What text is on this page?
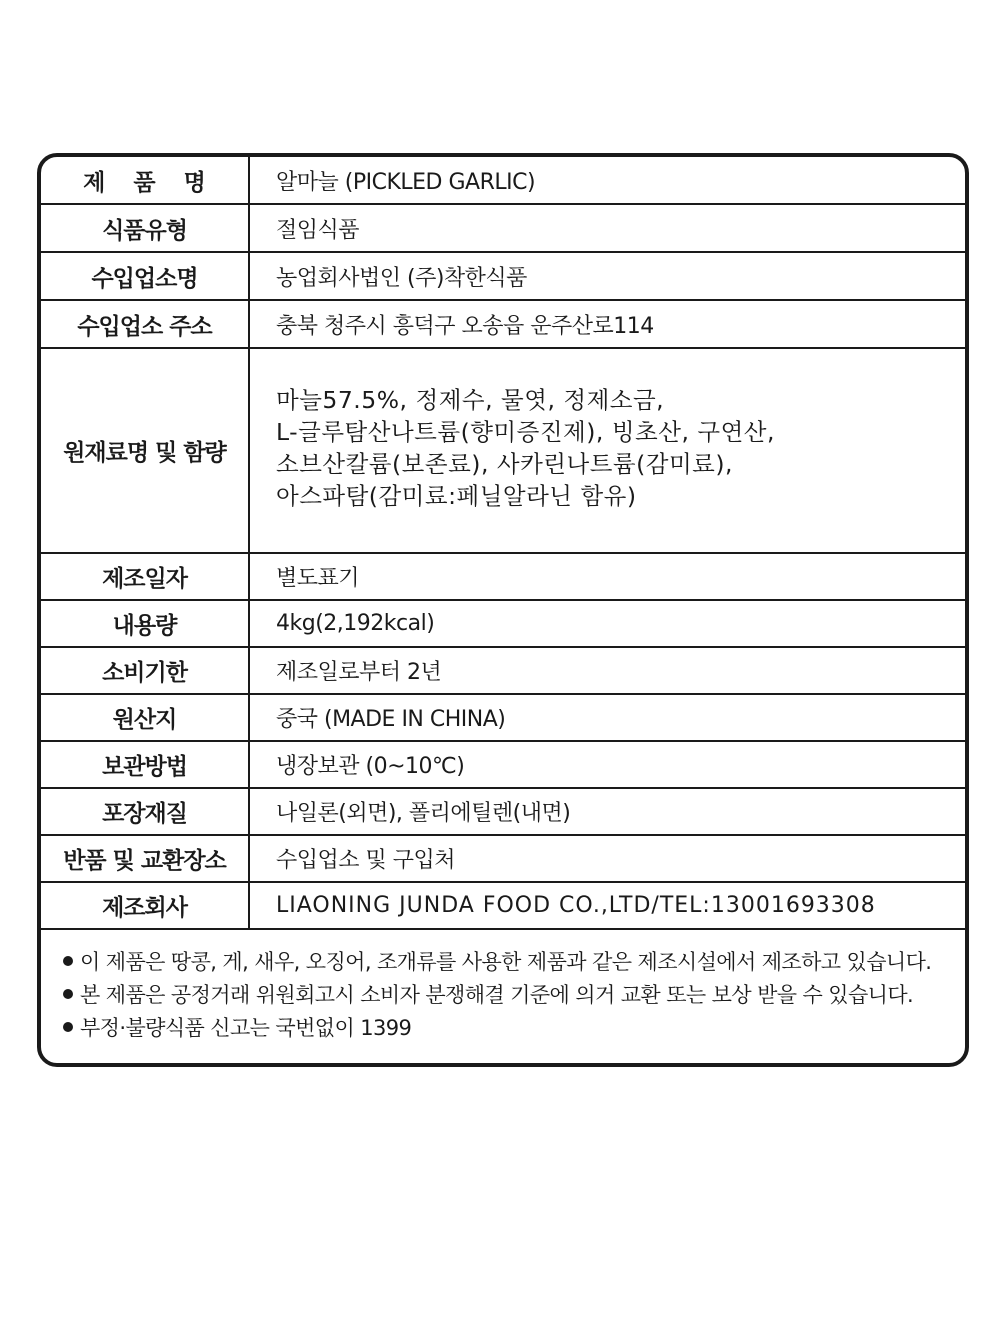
제 품 명	알마늘 (PICKLED GARLIC)
식품유형	절임식품
수입업소명	농업회사법인 (주)착한식품
수입업소 주소	충북 청주시 흥덕구 오송읍 운주산로114
원재료명 및 함량	마늘57.5%, 정제수, 물엿, 정제소금,
L-글루탐산나트륨(향미증진제), 빙초산, 구연산,
소브산칼륨(보존료), 사카린나트륨(감미료),
아스파탐(감미료:페닐알라닌 함유)

제조일자	별도표기
내용량	4kg(2,192kcal)
소비기한	제조일로부터 2년
원산지	중국 (MADE IN CHINA)
보관방법	냉장보관 (0~10℃)
포장재질	나일론(외면), 폴리에틸렌(내면)
반품 및 교환장소	수입업소 및 구입처
제조회사	LIAONING JUNDA FOOD CO.,LTD/TEL:13001693308
이 제품은 땅콩, 게, 새우, 오징어, 조개류를 사용한 제품과 같은 제조시설에서 제조하고 있습니다.
본 제품은 공정거래 위원회고시 소비자 분쟁해결 기준에 의거 교환 또는 보상 받을 수 있습니다.
부정·불량식품 신고는 국번없이 1399
